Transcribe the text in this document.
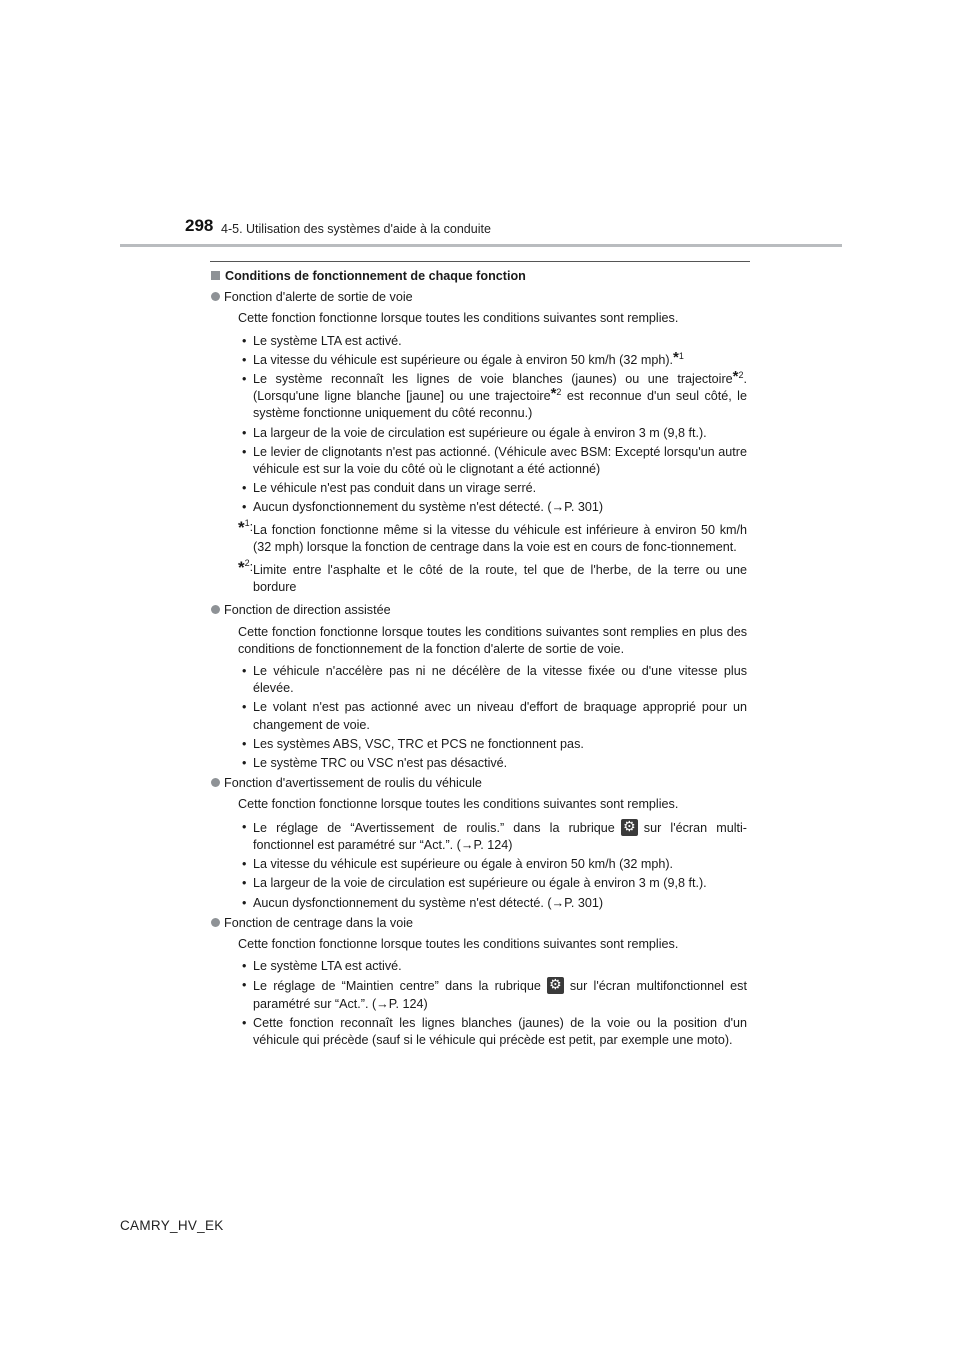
298 4-5. Utilisation des systèmes d'aide à la conduite
Conditions de fonctionnement de chaque fonction
Fonction d'alerte de sortie de voie

Cette fonction fonctionne lorsque toutes les conditions suivantes sont remplies.

• Le système LTA est activé.
• La vitesse du véhicule est supérieure ou égale à environ 50 km/h (32 mph).*$^1$
• Le système reconnaît les lignes de voie blanches (jaunes) ou une trajectoire*$^2$. (Lorsqu'une ligne blanche [jaune] ou une trajectoire*$^2$ est reconnue d'un seul côté, le système fonctionne uniquement du côté reconnu.)
• La largeur de la voie de circulation est supérieure ou égale à environ 3 m (9,8 ft.).
• Le levier de clignotants n'est pas actionné. (Véhicule avec BSM: Excepté lorsqu'un autre véhicule est sur la voie du côté où le clignotant a été actionné)
• Le véhicule n'est pas conduit dans un virage serré.
• Aucun dysfonctionnement du système n'est détecté. (→P. 301)
*$^1$: La fonction fonctionne même si la vitesse du véhicule est inférieure à environ 50 km/h (32 mph) lorsque la fonction de centrage dans la voie est en cours de fonc-tionnement.
*$^2$: Limite entre l'asphalte et le côté de la route, tel que de l'herbe, de la terre ou une bordure
Fonction de direction assistée

Cette fonction fonctionne lorsque toutes les conditions suivantes sont remplies en plus des conditions de fonctionnement de la fonction d'alerte de sortie de voie.

• Le véhicule n'accélère pas ni ne décélère de la vitesse fixée ou d'une vitesse plus élevée.
• Le volant n'est pas actionné avec un niveau d'effort de braquage approprié pour un changement de voie.
• Les systèmes ABS, VSC, TRC et PCS ne fonctionnent pas.
• Le système TRC ou VSC n'est pas désactivé.
Fonction d'avertissement de roulis du véhicule

Cette fonction fonctionne lorsque toutes les conditions suivantes sont remplies.

• Le réglage de “Avertissement de roulis.” dans la rubrique ⚙ sur l'écran multi-fonctionnel est paramétré sur “Act.”. (→P. 124)
• La vitesse du véhicule est supérieure ou égale à environ 50 km/h (32 mph).
• La largeur de la voie de circulation est supérieure ou égale à environ 3 m (9,8 ft.).
• Aucun dysfonctionnement du système n'est détecté. (→P. 301)
Fonction de centrage dans la voie

Cette fonction fonctionne lorsque toutes les conditions suivantes sont remplies.

• Le système LTA est activé.
• Le réglage de “Maintien centre” dans la rubrique ⚙ sur l'écran multifonctionnel est paramétré sur “Act.”. (→P. 124)
• Cette fonction reconnaît les lignes blanches (jaunes) de la voie ou la position d'un véhicule qui précède (sauf si le véhicule qui précède est petit, par exemple une moto).
CAMRY_HV_EK
